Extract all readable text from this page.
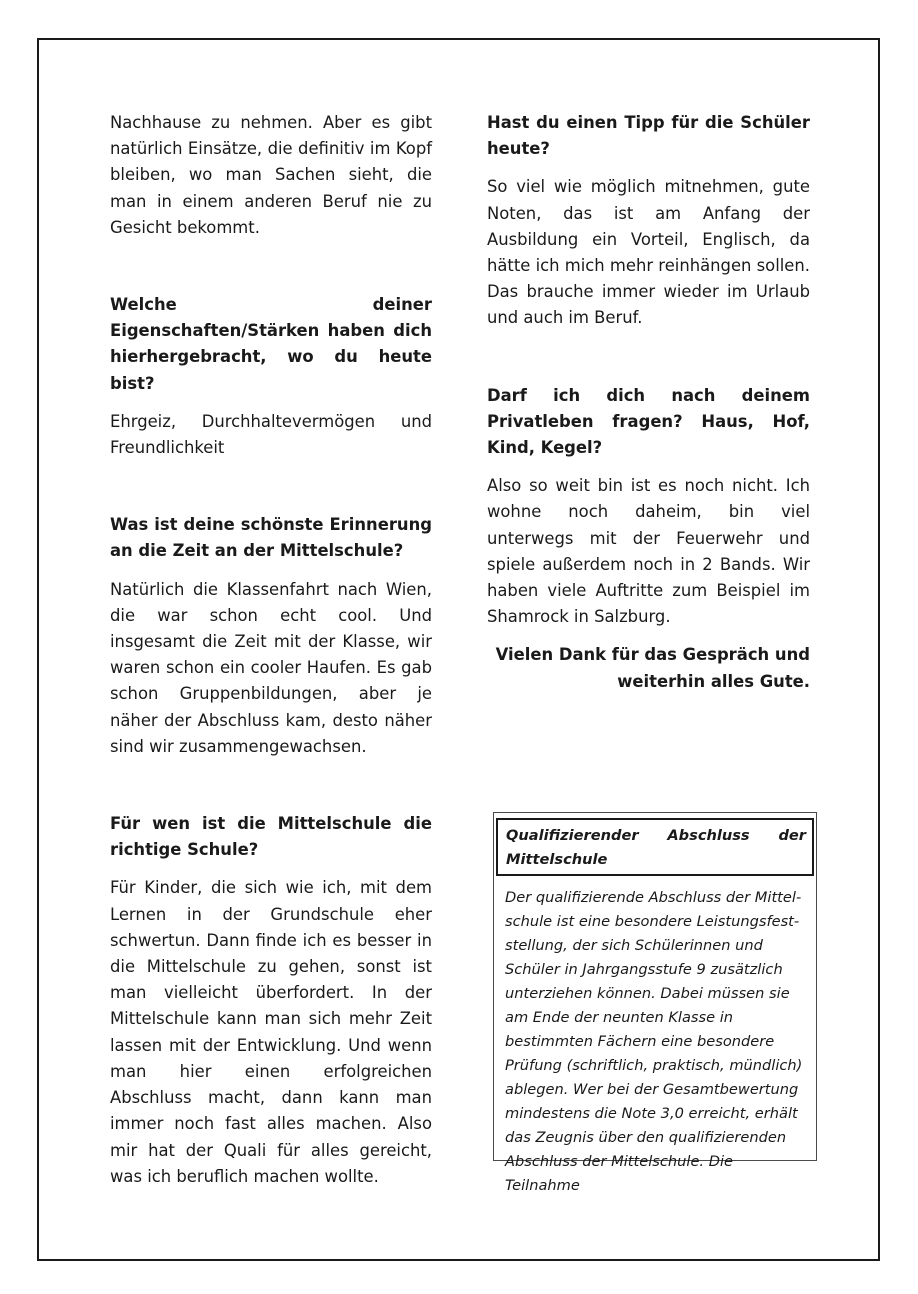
Nachhause zu nehmen. Aber es gibt natürlich Einsätze, die definitiv im Kopf bleiben, wo man Sachen sieht, die man in einem anderen Beruf nie zu Gesicht bekommt.

Welche deiner Eigenschaften/Stärken haben dich hierhergebracht, wo du heute bist?

Ehrgeiz, Durchhaltevermögen und Freundlichkeit

Was ist deine schönste Erinnerung an die Zeit an der Mittelschule?

Natürlich die Klassenfahrt nach Wien, die war schon echt cool. Und insgesamt die Zeit mit der Klasse, wir waren schon ein cooler Haufen. Es gab schon Gruppenbildungen, aber je näher der Abschluss kam, desto näher sind wir zusammengewachsen.

Für wen ist die Mittelschule die richtige Schule?

Für Kinder, die sich wie ich, mit dem Lernen in der Grundschule eher schwertun. Dann finde ich es besser in die Mittelschule zu gehen, sonst ist man vielleicht überfordert. In der Mittelschule kann man sich mehr Zeit lassen mit der Entwicklung. Und wenn man hier einen erfolgreichen Abschluss macht, dann kann man immer noch fast alles machen. Also mir hat der Quali für alles gereicht, was ich beruflich machen wollte.

Hast du einen Tipp für die Schüler heute?

So viel wie möglich mitnehmen, gute Noten, das ist am Anfang der Ausbildung ein Vorteil, Englisch, da hätte ich mich mehr reinhängen sollen. Das brauche immer wieder im Urlaub und auch im Beruf.

Darf ich dich nach deinem Privatleben fragen? Haus, Hof, Kind, Kegel?

Also so weit bin ist es noch nicht. Ich wohne noch daheim, bin viel unterwegs mit der Feuerwehr und spiele außerdem noch in 2 Bands. Wir haben viele Auftritte zum Beispiel im Shamrock in Salzburg.

Vielen Dank für das Gespräch und weiterhin alles Gute.

Qualifizierender Abschluss der Mittelschule
Der qualifizierende Abschluss der Mittelschule ist eine besondere Leistungsfeststellung, der sich Schülerinnen und Schüler in Jahrgangsstufe 9 zusätzlich unterziehen können. Dabei müssen sie am Ende der neunten Klasse in bestimmten Fächern eine besondere Prüfung (schriftlich, praktisch, mündlich) ablegen. Wer bei der Gesamtbewertung mindestens die Note 3,0 erreicht, erhält das Zeugnis über den qualifizierenden Abschluss der Mittelschule. Die Teilnahme
